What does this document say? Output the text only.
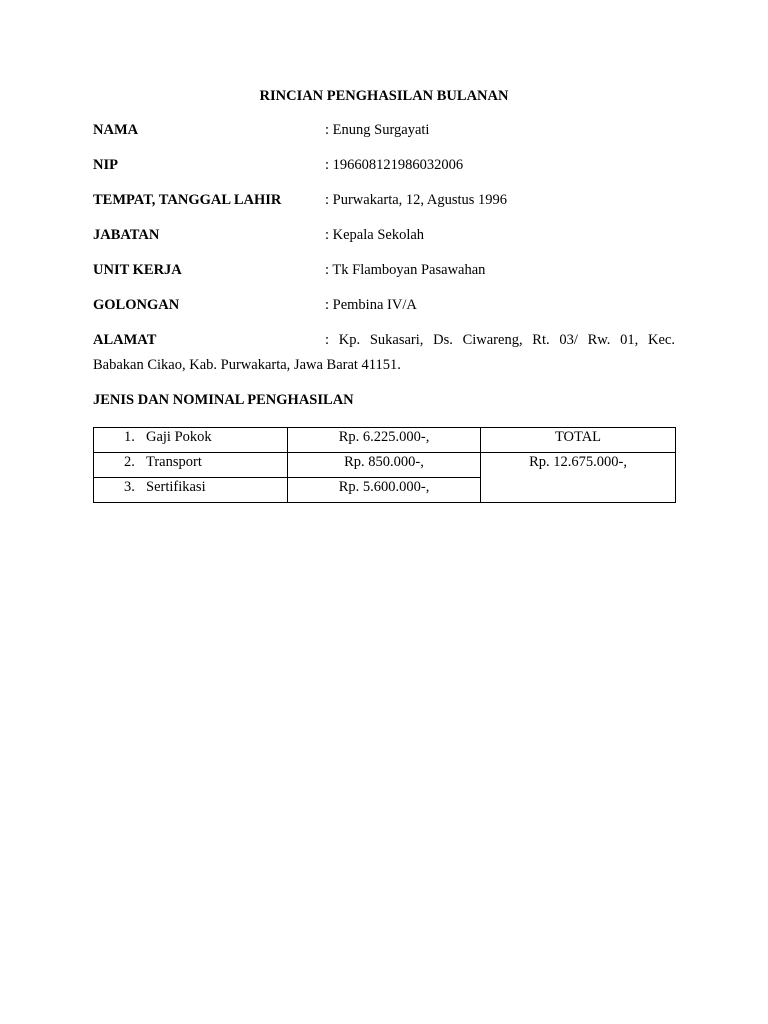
RINCIAN PENGHASILAN BULANAN
NAMA	: Enung Surgayati
NIP	: 196608121986032006
TEMPAT, TANGGAL LAHIR	: Purwakarta, 12, Agustus 1996
JABATAN	: Kepala Sekolah
UNIT KERJA	: Tk Flamboyan Pasawahan
GOLONGAN	: Pembina IV/A
ALAMAT	: Kp. Sukasari, Ds. Ciwareng, Rt. 03/ Rw. 01, Kec.
Babakan Cikao, Kab. Purwakarta, Jawa Barat 41151.
JENIS DAN NOMINAL PENGHASILAN
1. Gaji Pokok	Rp. 6.225.000-,	TOTAL
2. Transport	Rp. 850.000-,	Rp. 12.675.000-,
3. Sertifikasi	Rp. 5.600.000-,	
